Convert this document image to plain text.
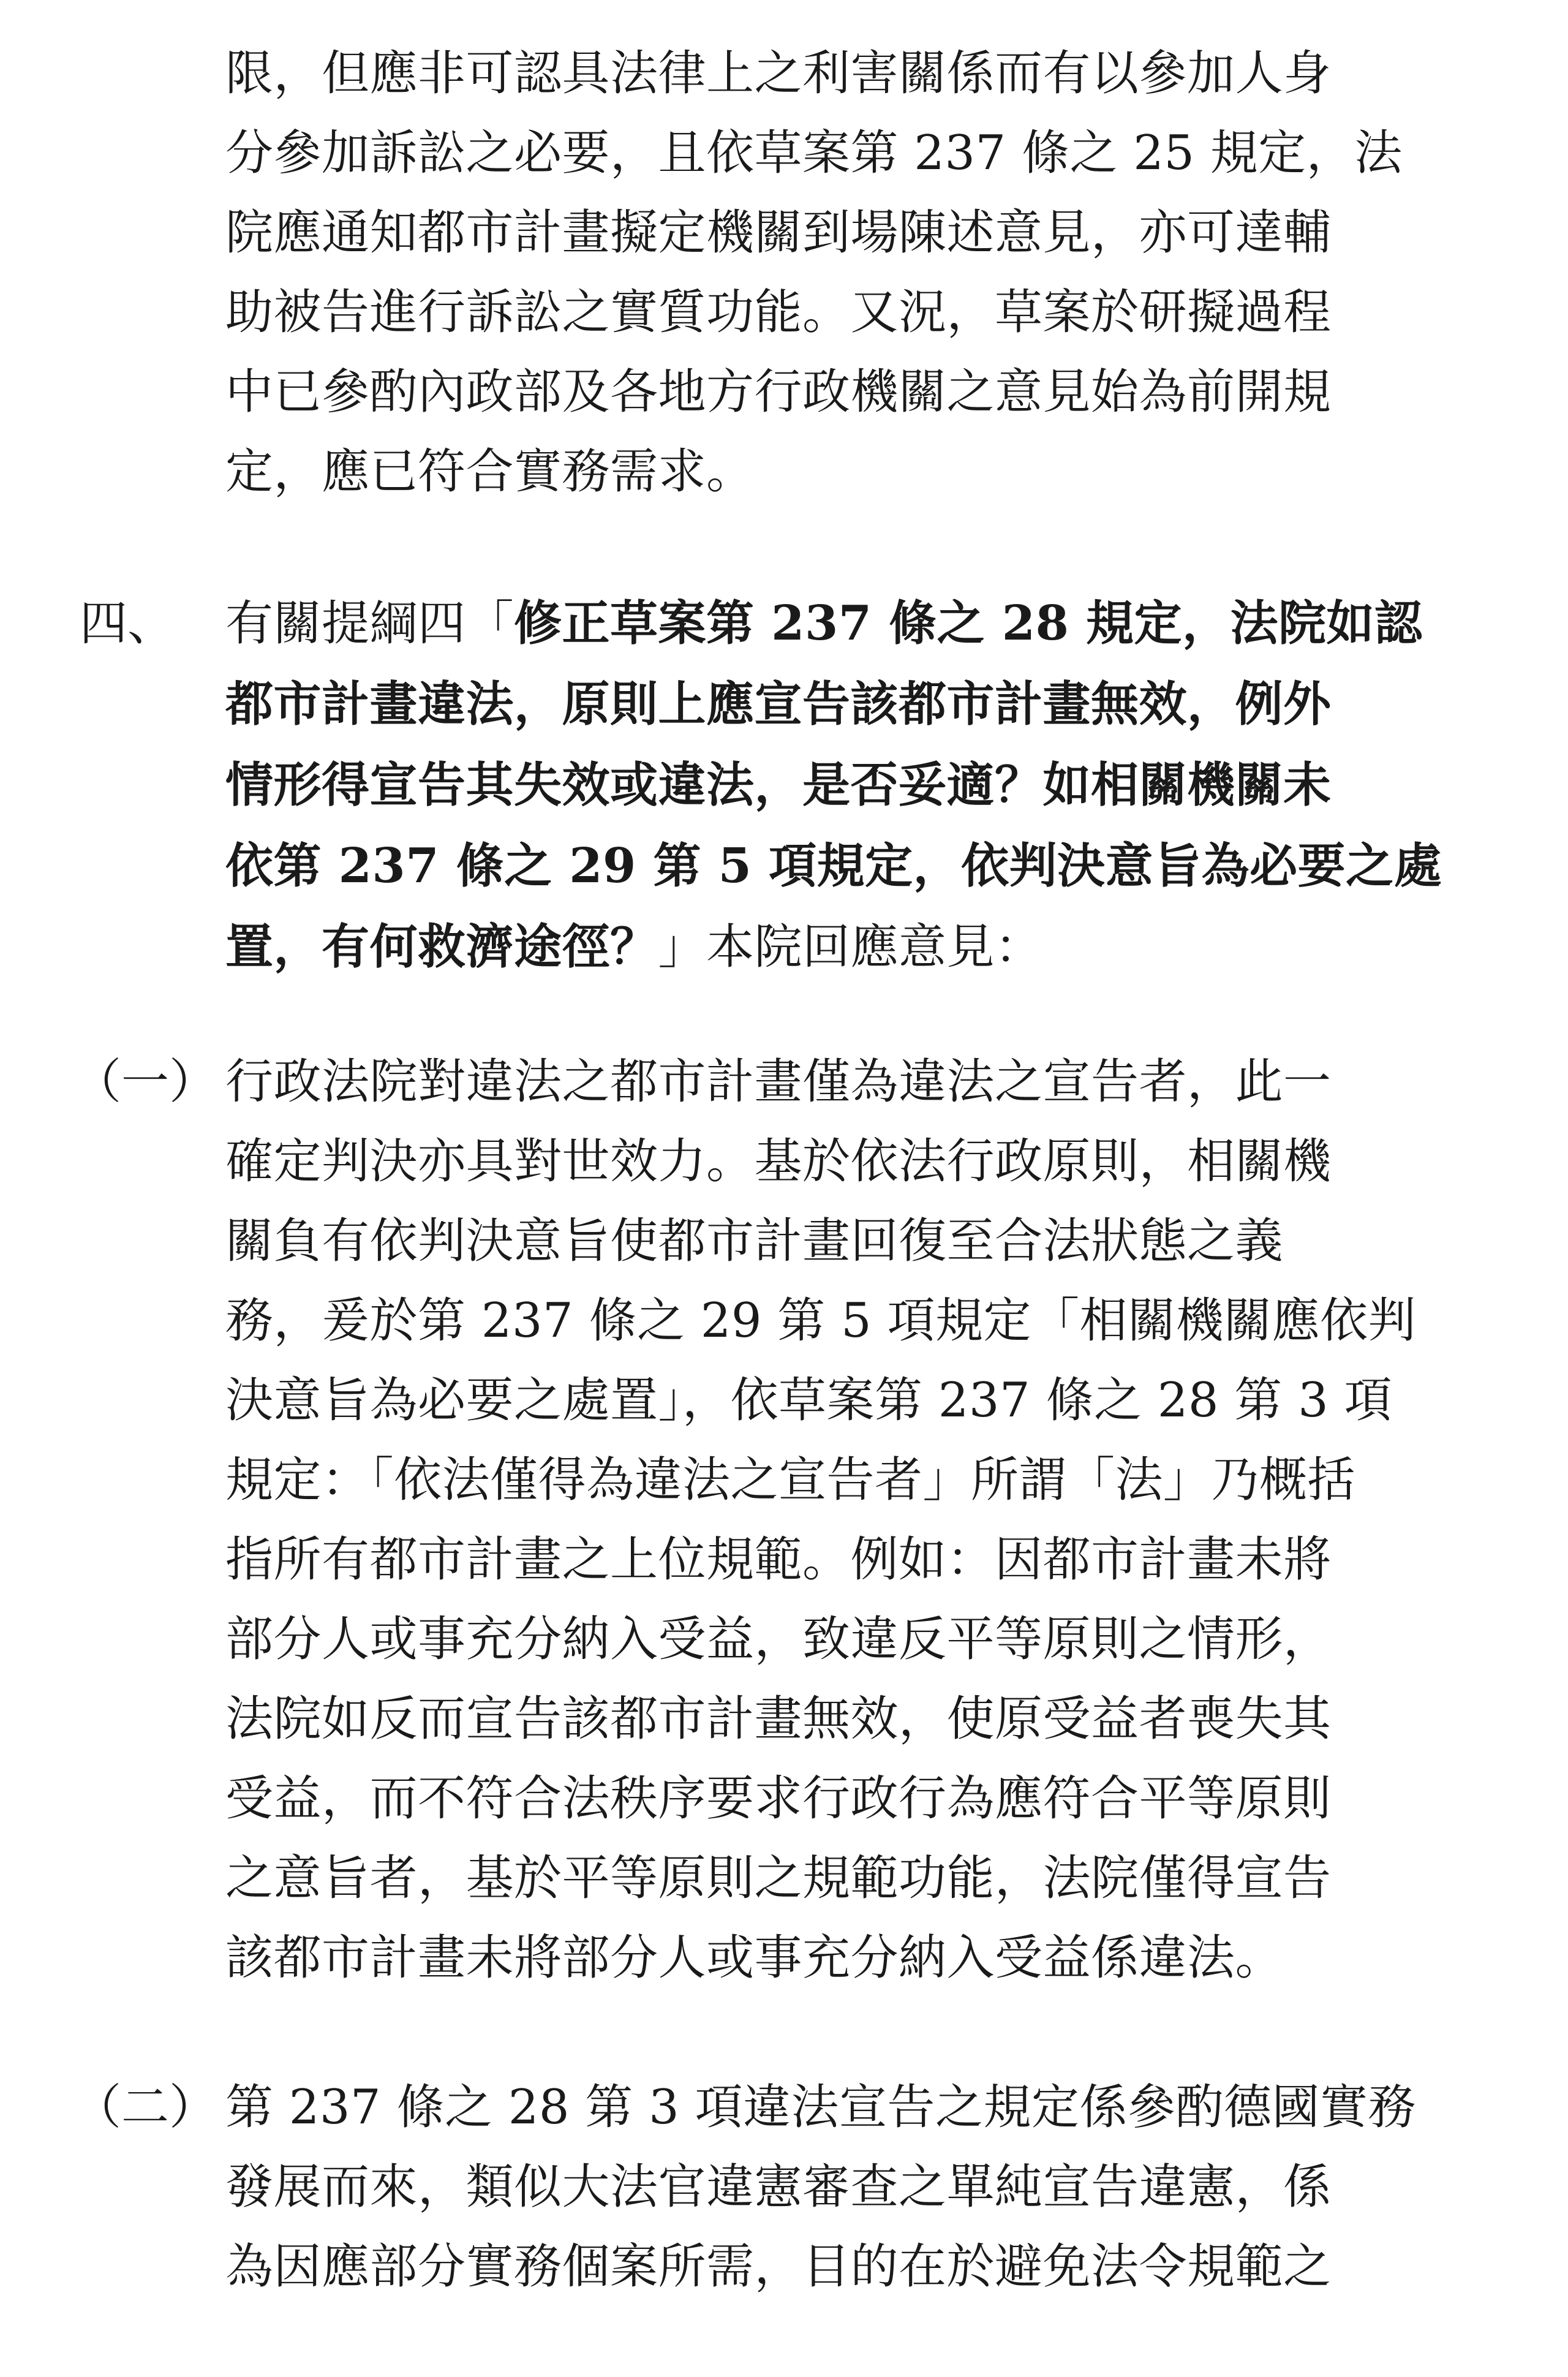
限，但應非可認具法律上之利害關係而有以參加人身
分參加訴訟之必要，且依草案第 237 條之 25 規定，法
院應通知都市計畫擬定機關到場陳述意見，亦可達輔
助被告進行訴訟之實質功能。又況，草案於研擬過程
中已參酌內政部及各地方行政機關之意見始為前開規
定，應已符合實務需求。
四、 有關提綱四「修正草案第 237 條之 28 規定，法院如認
都市計畫違法，原則上應宣告該都市計畫無效，例外
情形得宣告其失效或違法，是否妥適？如相關機關未
依第 237 條之 29 第 5 項規定，依判決意旨為必要之處
置，有何救濟途徑？」本院回應意見：
（一） 行政法院對違法之都市計畫僅為違法之宣告者，此一
確定判決亦具對世效力。基於依法行政原則，相關機
關負有依判決意旨使都市計畫回復至合法狀態之義
務，爰於第 237 條之 29 第 5 項規定「相關機關應依判
決意旨為必要之處置」，依草案第 237 條之 28 第 3 項
規定：「依法僅得為違法之宣告者」所謂「法」乃概括
指所有都市計畫之上位規範。例如：因都市計畫未將
部分人或事充分納入受益，致違反平等原則之情形，
法院如反而宣告該都市計畫無效，使原受益者喪失其
受益，而不符合法秩序要求行政行為應符合平等原則
之意旨者，基於平等原則之規範功能，法院僅得宣告
該都市計畫未將部分人或事充分納入受益係違法。
（二） 第 237 條之 28 第 3 項違法宣告之規定係參酌德國實務
發展而來，類似大法官違憲審查之單純宣告違憲，係
為因應部分實務個案所需，目的在於避免法令規範之
